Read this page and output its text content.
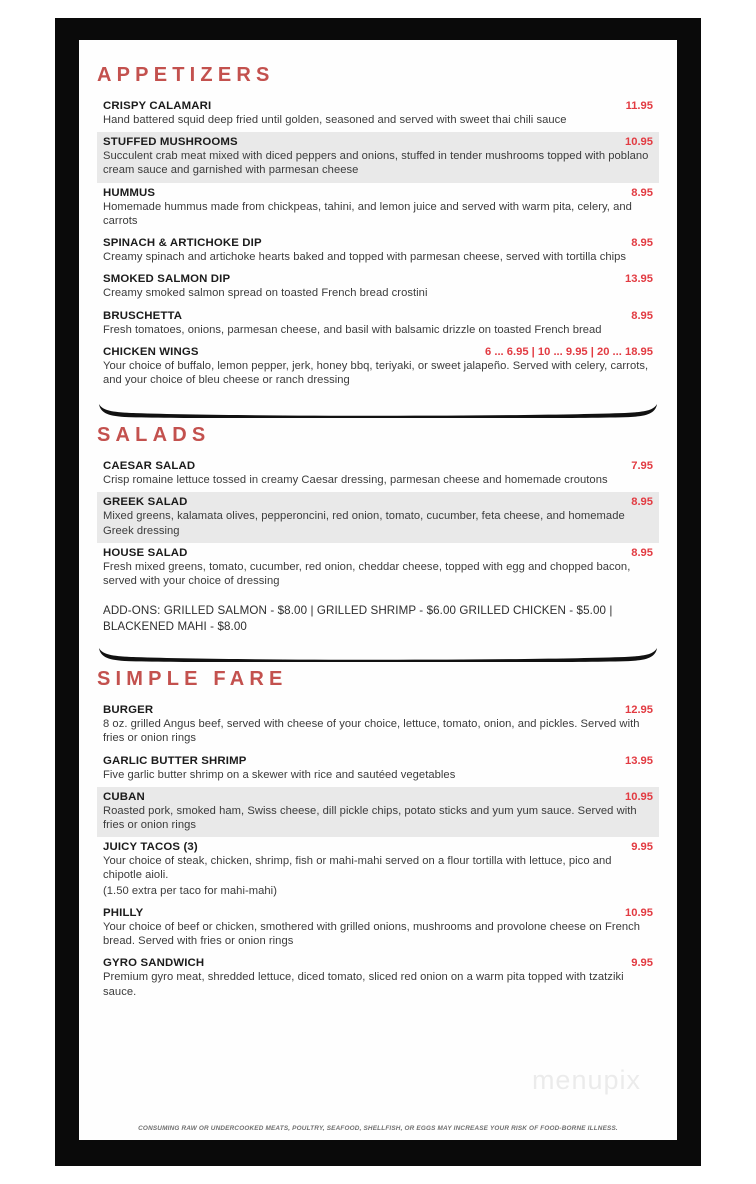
APPETIZERS
CRISPY CALAMARI	11.95
Hand battered squid deep fried until golden, seasoned and served with sweet thai chili sauce
STUFFED MUSHROOMS	10.95
Succulent crab meat mixed with diced peppers and onions, stuffed in tender mushrooms topped with poblano cream sauce and garnished with parmesan cheese
HUMMUS	8.95
Homemade hummus made from chickpeas, tahini, and lemon juice and served with warm pita, celery, and carrots
SPINACH & ARTICHOKE DIP	8.95
Creamy spinach and artichoke hearts baked and topped with parmesan cheese, served with tortilla chips
SMOKED SALMON DIP	13.95
Creamy smoked salmon spread on toasted French bread crostini
BRUSCHETTA	8.95
Fresh tomatoes, onions, parmesan cheese, and basil with balsamic drizzle on toasted French bread
CHICKEN WINGS	6 ... 6.95 | 10 ... 9.95 | 20 ... 18.95
Your choice of buffalo, lemon pepper, jerk, honey bbq, teriyaki, or sweet jalapeño. Served with celery, carrots, and your choice of bleu cheese or ranch dressing
SALADS
CAESAR SALAD	7.95
Crisp romaine lettuce tossed in creamy Caesar dressing, parmesan cheese and homemade croutons
GREEK SALAD	8.95
Mixed greens, kalamata olives, pepperoncini, red onion, tomato, cucumber, feta cheese, and homemade Greek dressing
HOUSE SALAD	8.95
Fresh mixed greens, tomato, cucumber, red onion, cheddar cheese, topped with egg and chopped bacon, served with your choice of dressing
ADD-ONS: GRILLED SALMON - $8.00 | GRILLED SHRIMP - $6.00 GRILLED CHICKEN - $5.00 | BLACKENED MAHI - $8.00
SIMPLE FARE
BURGER	12.95
8 oz. grilled Angus beef, served with cheese of your choice, lettuce, tomato, onion, and pickles. Served with fries or onion rings
GARLIC BUTTER SHRIMP	13.95
Five garlic butter shrimp on a skewer with rice and sautéed vegetables
CUBAN	10.95
Roasted pork, smoked ham, Swiss cheese, dill pickle chips, potato sticks and yum yum sauce. Served with fries or onion rings
JUICY TACOS (3)	9.95
Your choice of steak, chicken, shrimp, fish or mahi-mahi served on a flour tortilla with lettuce, pico and chipotle aioli.
(1.50 extra per taco for mahi-mahi)
PHILLY	10.95
Your choice of beef or chicken, smothered with grilled onions, mushrooms and provolone cheese on French bread. Served with fries or onion rings
GYRO SANDWICH	9.95
Premium gyro meat, shredded lettuce, diced tomato, sliced red onion on a warm pita topped with tzatziki sauce.
menupix
CONSUMING RAW OR UNDERCOOKED MEATS, POULTRY, SEAFOOD, SHELLFISH, OR EGGS MAY INCREASE YOUR RISK OF FOOD-BORNE ILLNESS.
